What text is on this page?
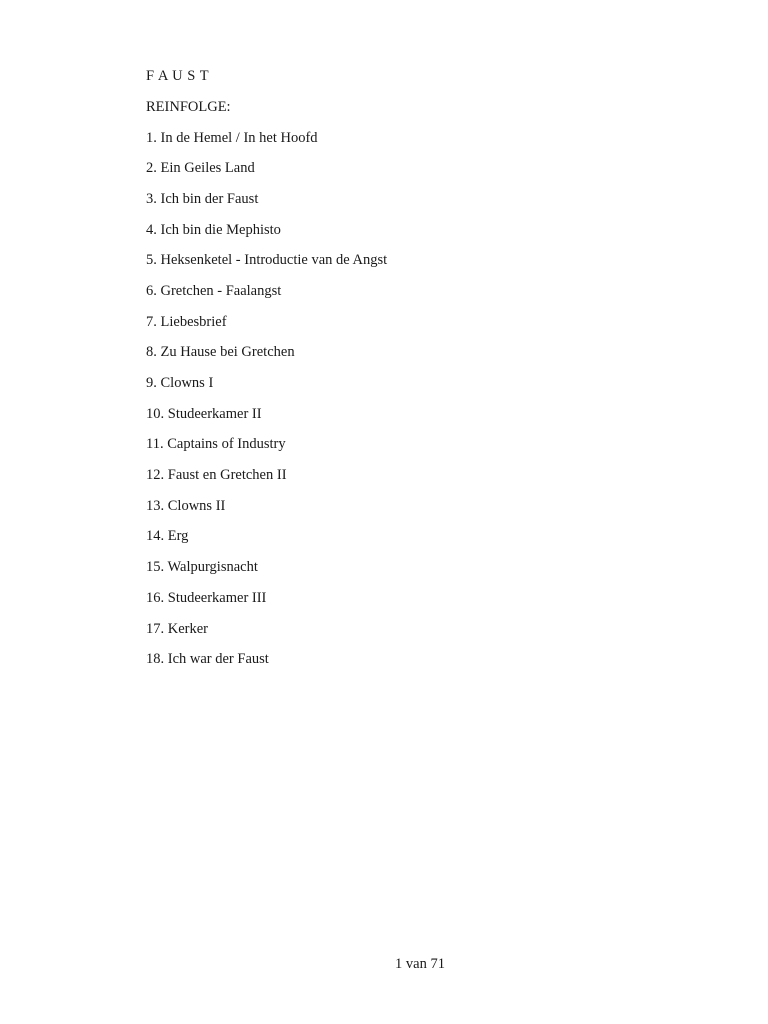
F A U S T
REINFOLGE:
1. In de Hemel / In het Hoofd
2. Ein Geiles Land
3. Ich bin der Faust
4. Ich bin die Mephisto
5. Heksenketel - Introductie van de Angst
6. Gretchen - Faalangst
7. Liebesbrief
8. Zu Hause bei Gretchen
9. Clowns I
10. Studeerkamer II
11. Captains of Industry
12. Faust en Gretchen II
13. Clowns II
14. Erg
15. Walpurgisnacht
16. Studeerkamer III
17. Kerker
18. Ich war der Faust
1 van 71
